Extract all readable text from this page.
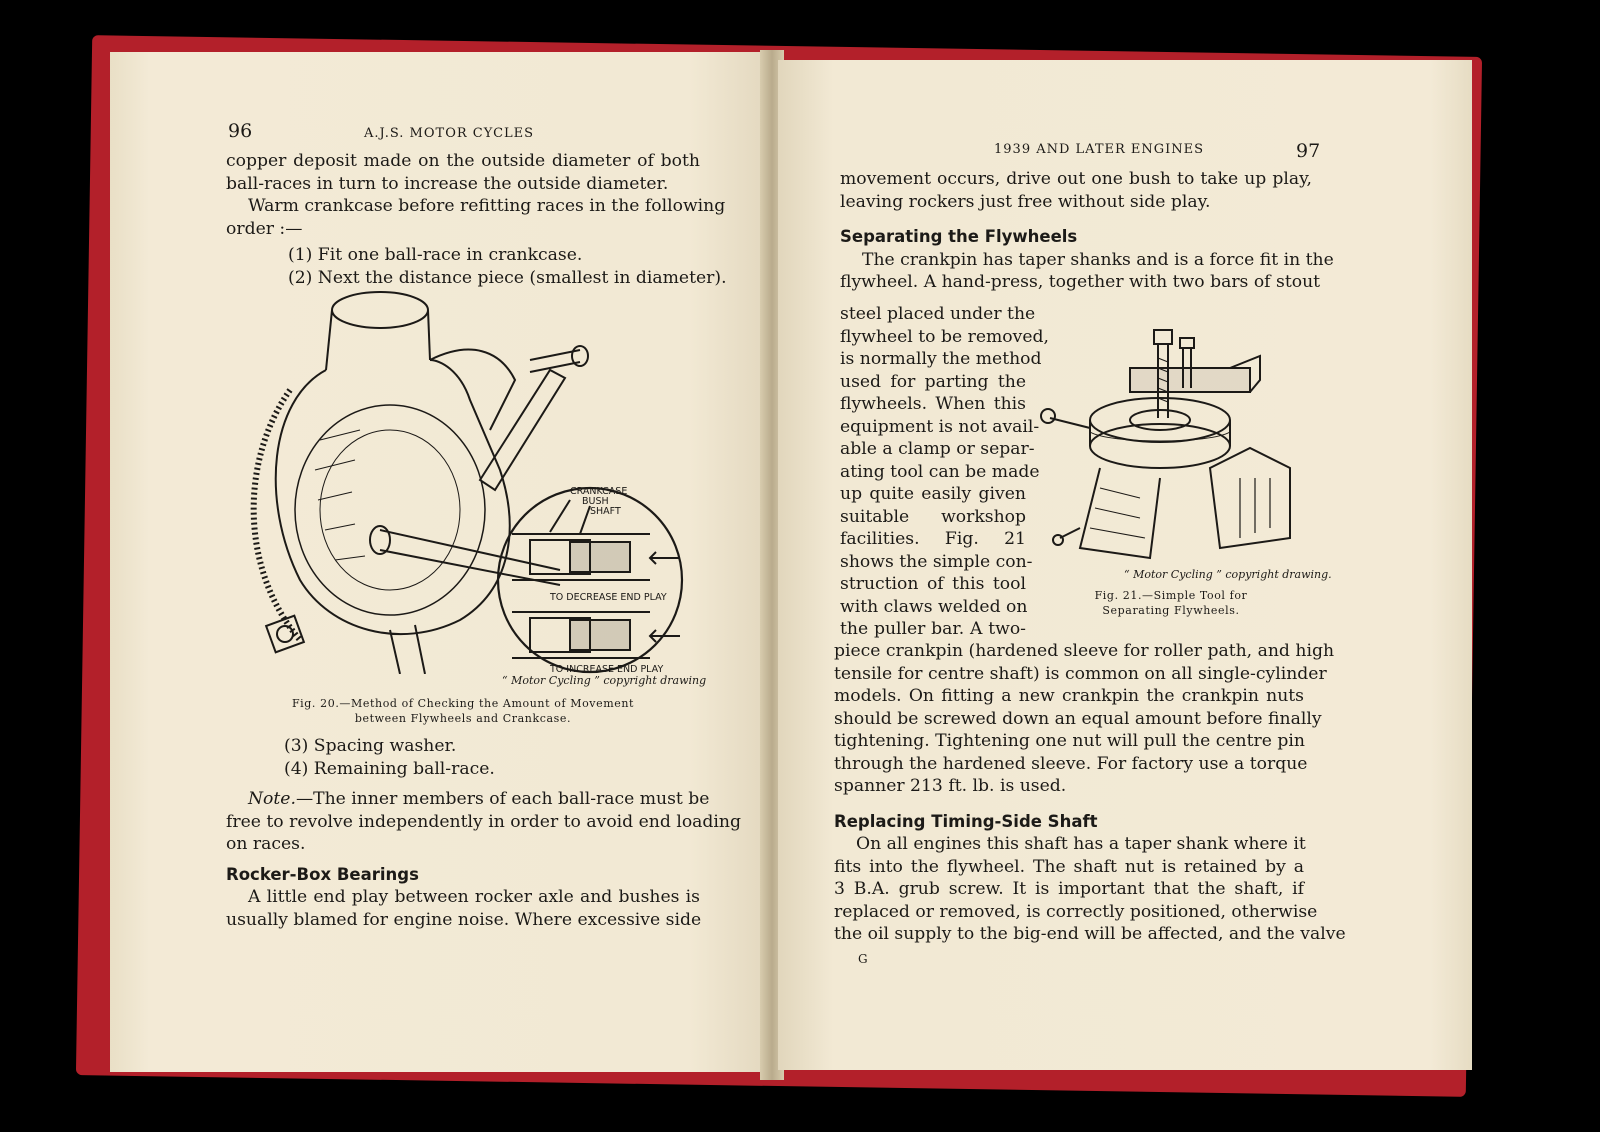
96	A.J.S. MOTOR CYCLES
copper deposit made on the outside diameter of both
ball-races in turn to increase the outside diameter.
Warm crankcase before refitting races in the following
order :—
(1) Fit one ball-race in crankcase.
(2) Next the distance piece (smallest in diameter).
CRANKCASE
BUSH
SHAFT
TO DECREASE END PLAY
TO INCREASE END PLAY
“ Motor Cycling ” copyright drawing
Fig. 20.—Method of Checking the Amount of Movement
between Flywheels and Crankcase.
(3) Spacing washer.
(4) Remaining ball-race.
Note.—The inner members of each ball-race must be
free to revolve independently in order to avoid end loading
on races.
Rocker-Box Bearings
A little end play between rocker axle and bushes is
usually blamed for engine noise. Where excessive side
1939 AND LATER ENGINES	97
movement occurs, drive out one bush to take up play,
leaving rockers just free without side play.
Separating the Flywheels
The crankpin has taper shanks and is a force fit in the
flywheel. A hand-press, together with two bars of stout
steel placed under the
flywheel to be removed,
is normally the method
used for parting the
flywheels. When this
equipment is not avail-
able a clamp or separ-
ating tool can be made
up quite easily given
suitable workshop
facilities. Fig. 21
shows the simple con-
struction of this tool
with claws welded on
the puller bar. A two-
“ Motor Cycling ” copyright drawing.
Fig. 21.—Simple Tool for
Separating Flywheels.
piece crankpin (hardened sleeve for roller path, and high
tensile for centre shaft) is common on all single-cylinder
models. On fitting a new crankpin the crankpin nuts
should be screwed down an equal amount before finally
tightening. Tightening one nut will pull the centre pin
through the hardened sleeve. For factory use a torque
spanner 213 ft. lb. is used.
Replacing Timing-Side Shaft
On all engines this shaft has a taper shank where it
fits into the flywheel. The shaft nut is retained by a
3 B.A. grub screw. It is important that the shaft, if
replaced or removed, is correctly positioned, otherwise
the oil supply to the big-end will be affected, and the valve
G
